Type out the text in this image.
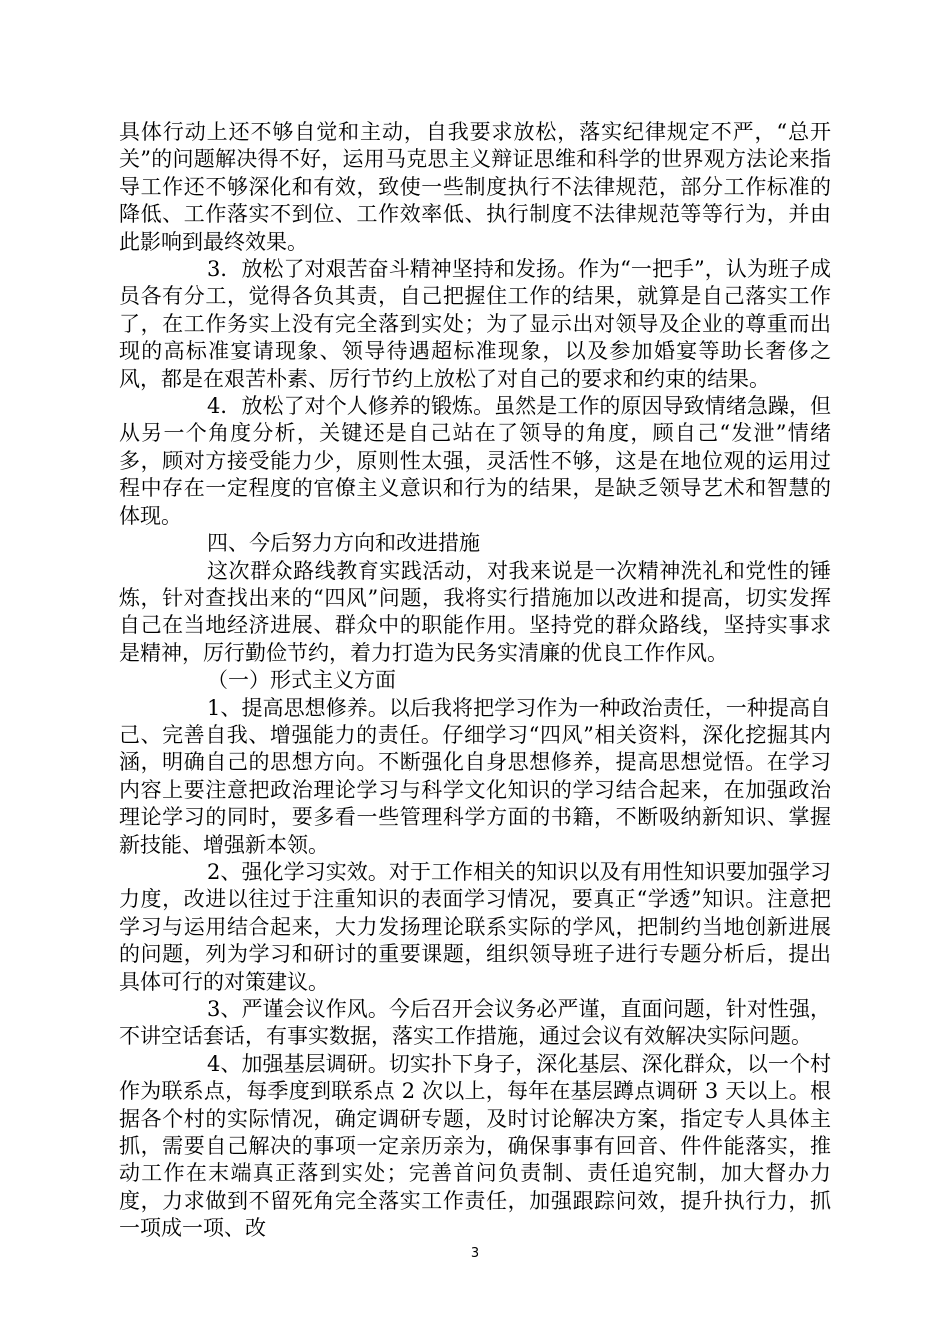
具体行动上还不够自觉和主动，自我要求放松，落实纪律规定不严，“总开关”的问题解决得不好，运用马克思主义辩证思维和科学的世界观方法论来指导工作还不够深化和有效，致使一些制度执行不法律规范，部分工作标准的降低、工作落实不到位、工作效率低、执行制度不法律规范等等行为，并由此影响到最终效果。

3．放松了对艰苦奋斗精神坚持和发扬。作为“一把手”，认为班子成员各有分工，觉得各负其责，自己把握住工作的结果，就算是自己落实工作了，在工作务实上没有完全落到实处；为了显示出对领导及企业的尊重而出现的高标准宴请现象、领导待遇超标准现象，以及参加婚宴等助长奢侈之风，都是在艰苦朴素、厉行节约上放松了对自己的要求和约束的结果。

4．放松了对个人修养的锻炼。虽然是工作的原因导致情绪急躁，但从另一个角度分析，关键还是自己站在了领导的角度，顾自己“发泄”情绪多，顾对方接受能力少，原则性太强，灵活性不够，这是在地位观的运用过程中存在一定程度的官僚主义意识和行为的结果，是缺乏领导艺术和智慧的体现。

四、今后努力方向和改进措施

这次群众路线教育实践活动，对我来说是一次精神洗礼和党性的锤炼，针对查找出来的“四风”问题，我将实行措施加以改进和提高，切实发挥自己在当地经济进展、群众中的职能作用。坚持党的群众路线，坚持实事求是精神，厉行勤俭节约，着力打造为民务实清廉的优良工作作风。

（一）形式主义方面

1、提高思想修养。以后我将把学习作为一种政治责任，一种提高自己、完善自我、增强能力的责任。仔细学习“四风”相关资料，深化挖掘其内涵，明确自己的思想方向。不断强化自身思想修养，提高思想觉悟。在学习内容上要注意把政治理论学习与科学文化知识的学习结合起来，在加强政治理论学习的同时，要多看一些管理科学方面的书籍，不断吸纳新知识、掌握新技能、增强新本领。

2、强化学习实效。对于工作相关的知识以及有用性知识要加强学习力度，改进以往过于注重知识的表面学习情况，要真正“学透”知识。注意把学习与运用结合起来，大力发扬理论联系实际的学风，把制约当地创新进展的问题，列为学习和研讨的重要课题，组织领导班子进行专题分析后，提出具体可行的对策建议。

3、严谨会议作风。今后召开会议务必严谨，直面问题，针对性强，不讲空话套话，有事实数据，落实工作措施，通过会议有效解决实际问题。

4、加强基层调研。切实扑下身子，深化基层、深化群众，以一个村作为联系点，每季度到联系点 2 次以上，每年在基层蹲点调研 3 天以上。根据各个村的实际情况，确定调研专题，及时讨论解决方案，指定专人具体主抓，需要自己解决的事项一定亲历亲为，确保事事有回音、件件能落实，推动工作在末端真正落到实处；完善首问负责制、责任追究制，加大督办力度，力求做到不留死角完全落实工作责任，加强跟踪问效，提升执行力，抓一项成一项、改

3
